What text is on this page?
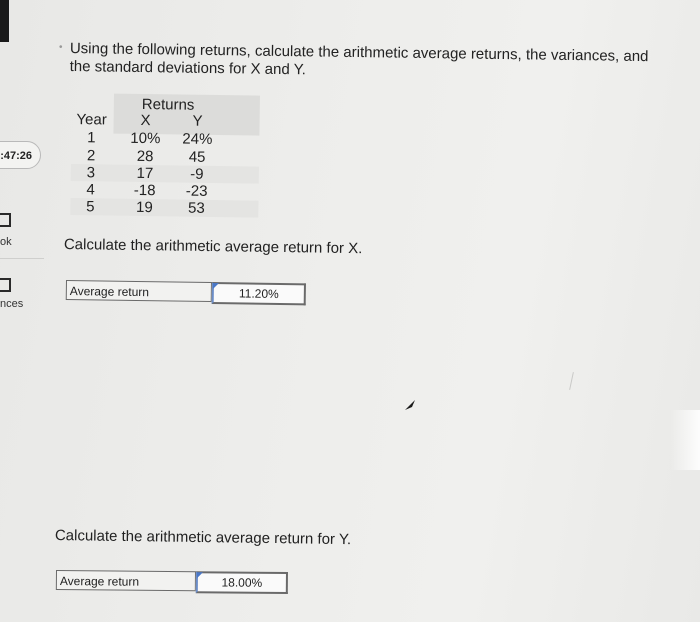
:47:26
ok
nces
• Using the following returns, calculate the arithmetic average returns, the variances, and the standard deviations for X and Y.
Returns
Year	X	Y
1	10%	24%
2	28	45
3	17	-9
4	-18	-23
5	19	53
Calculate the arithmetic average return for X.
Average return	11.20%
Calculate the arithmetic average return for Y.
Average return	18.00%
